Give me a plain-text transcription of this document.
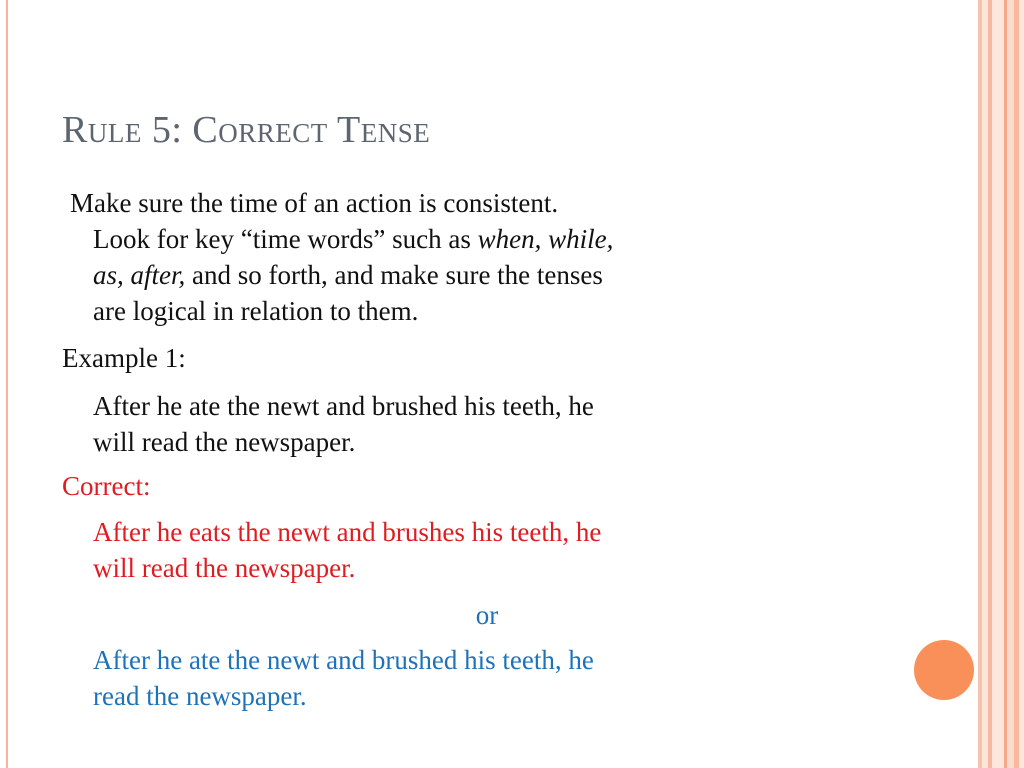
Rule 5: Correct Tense
Make sure the time of an action is consistent.
Look for key “time words” such as when, while,
as, after, and so forth, and make sure the tenses
are logical in relation to them.
Example 1:
After he ate the newt and brushed his teeth, he
will read the newspaper.
Correct:
After he eats the newt and brushes his teeth, he
will read the newspaper.
or
After he ate the newt and brushed his teeth, he
read the newspaper.
